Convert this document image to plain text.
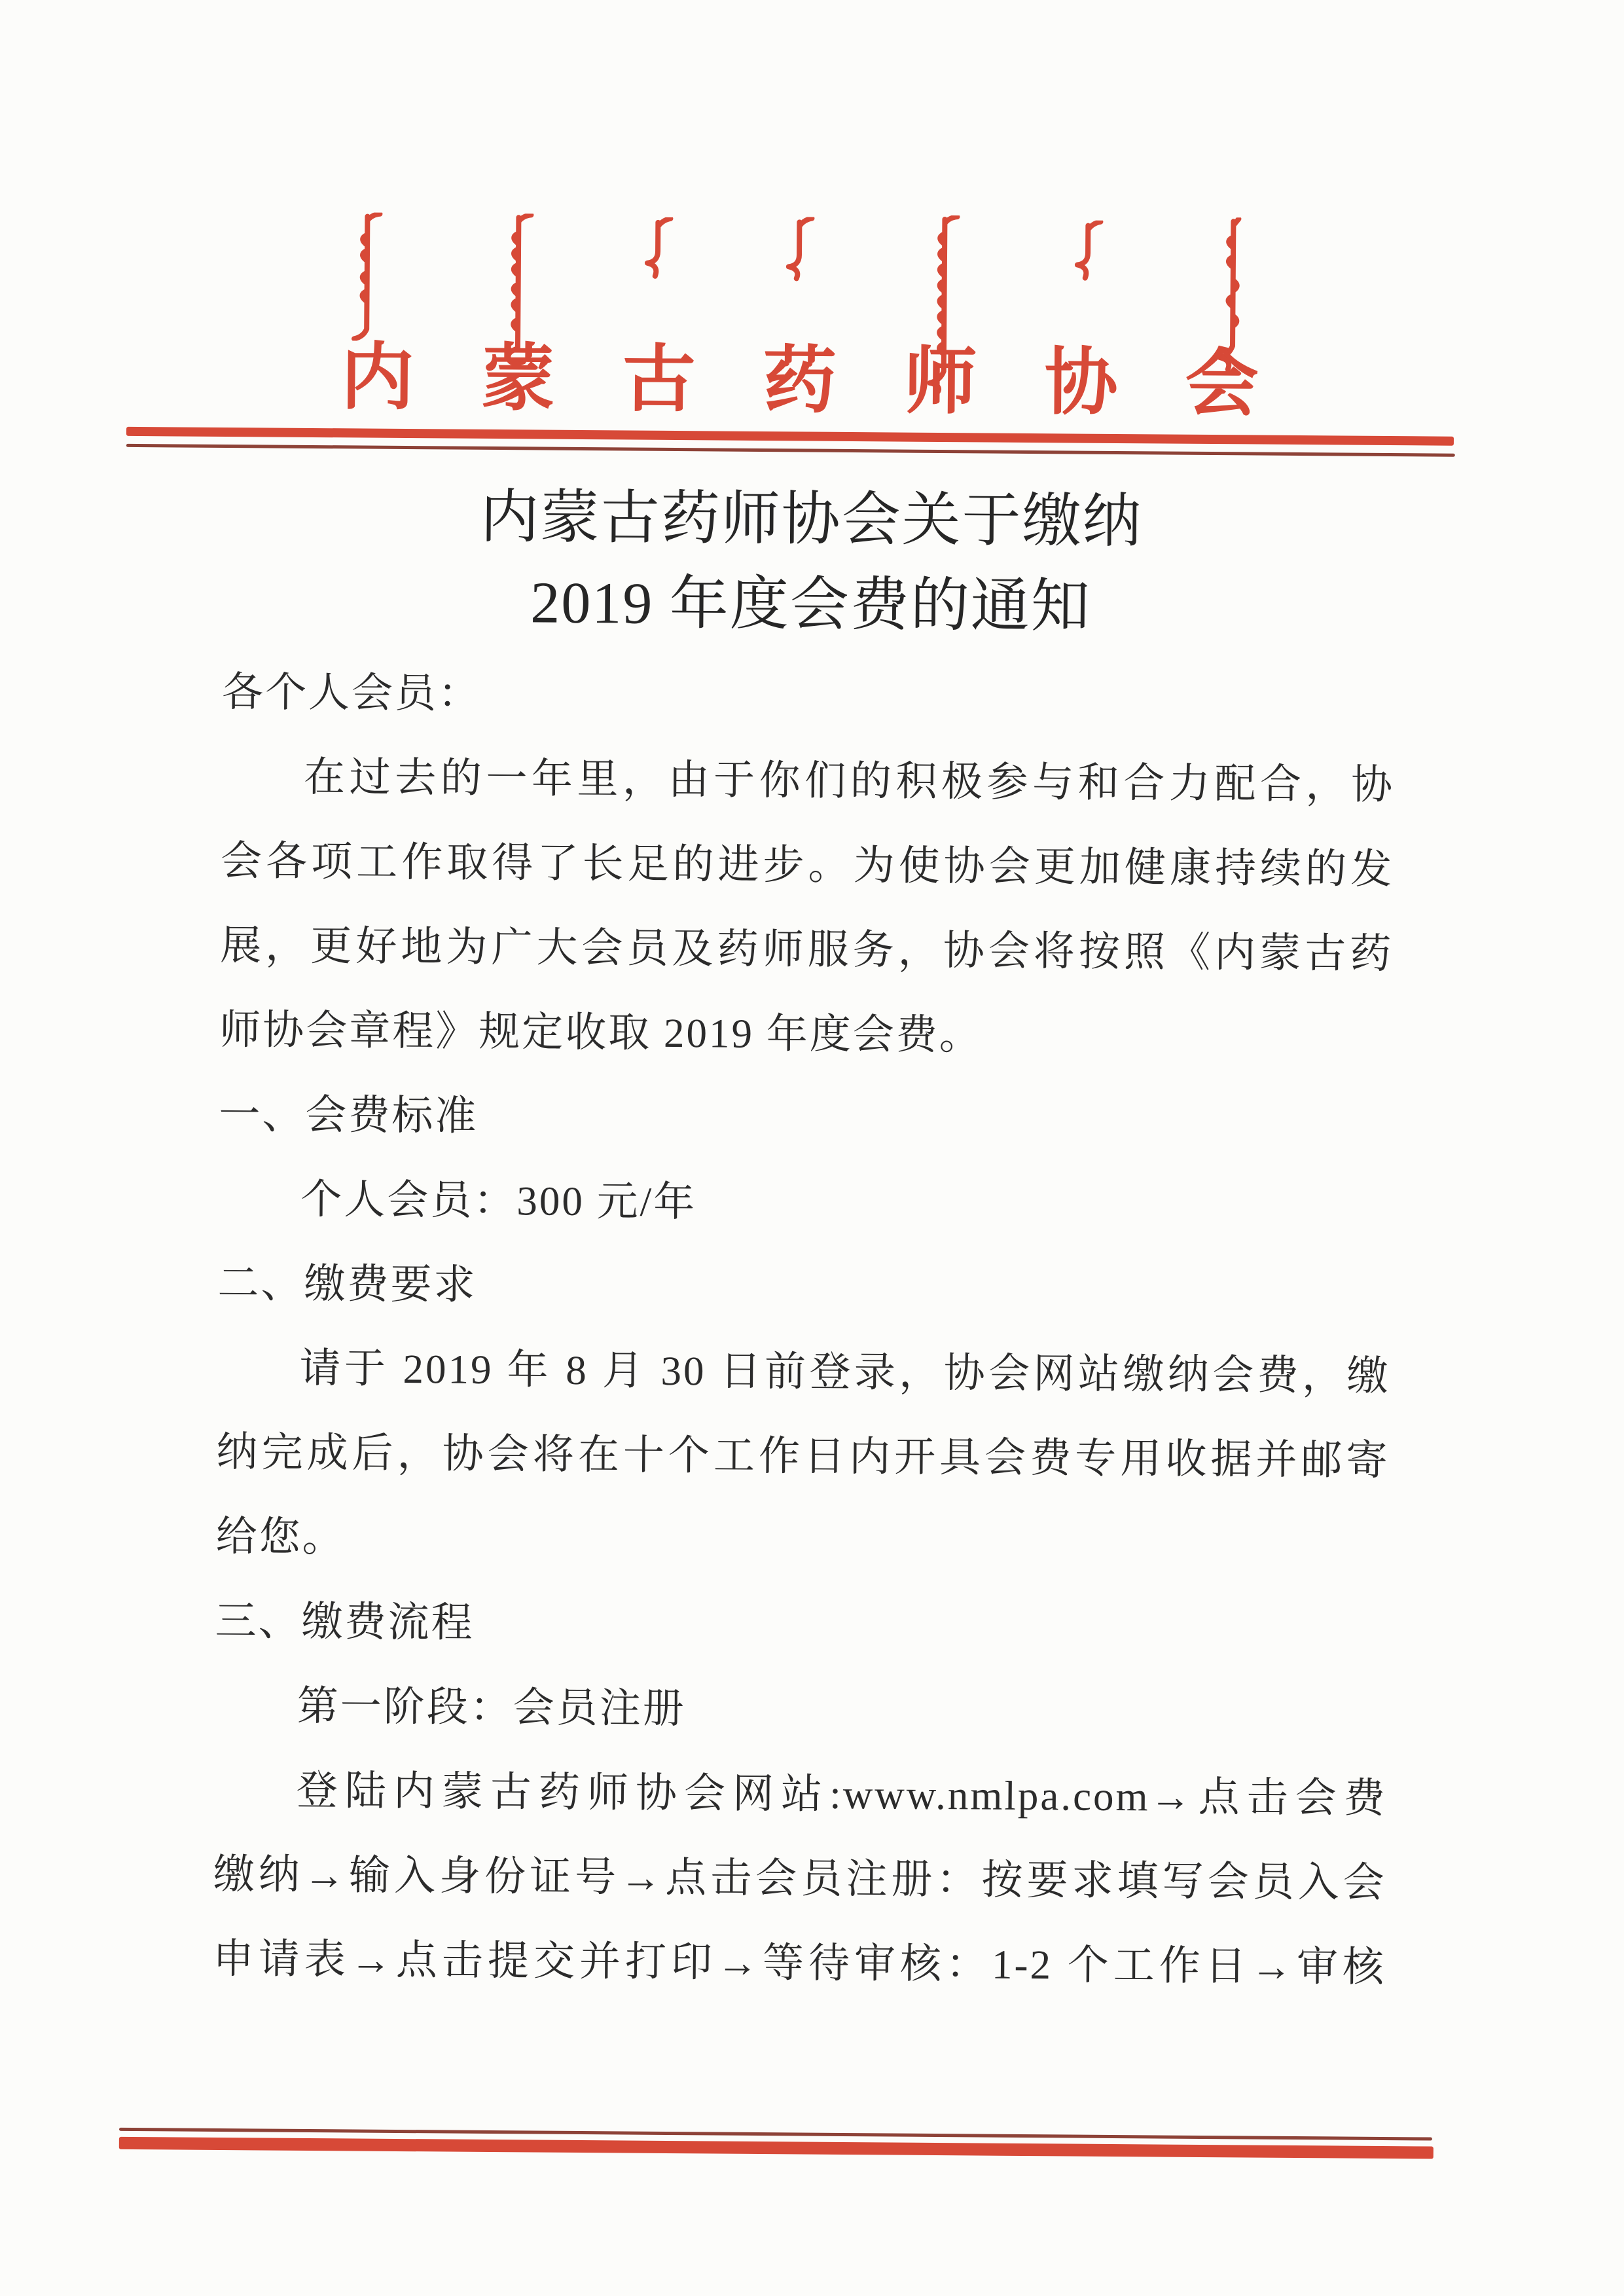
内 蒙 古 药 师 协 会
内蒙古药师协会关于缴纳
2019 年度会费的通知
各个人会员：
在过去的一年里，由于你们的积极参与和合力配合，协
会各项工作取得了长足的进步。为使协会更加健康持续的发
展，更好地为广大会员及药师服务，协会将按照《内蒙古药
师协会章程》规定收取 2019 年度会费。
一、会费标准
个人会员：300 元/年
二、缴费要求
请于 2019 年 8 月 30 日前登录，协会网站缴纳会费，缴
纳完成后，协会将在十个工作日内开具会费专用收据并邮寄
给您。
三、缴费流程
第一阶段：会员注册
登陆内蒙古药师协会网站:www.nmlpa.com→点击会费
缴纳→输入身份证号→点击会员注册：按要求填写会员入会
申请表→点击提交并打印→等待审核：1-2 个工作日→审核
